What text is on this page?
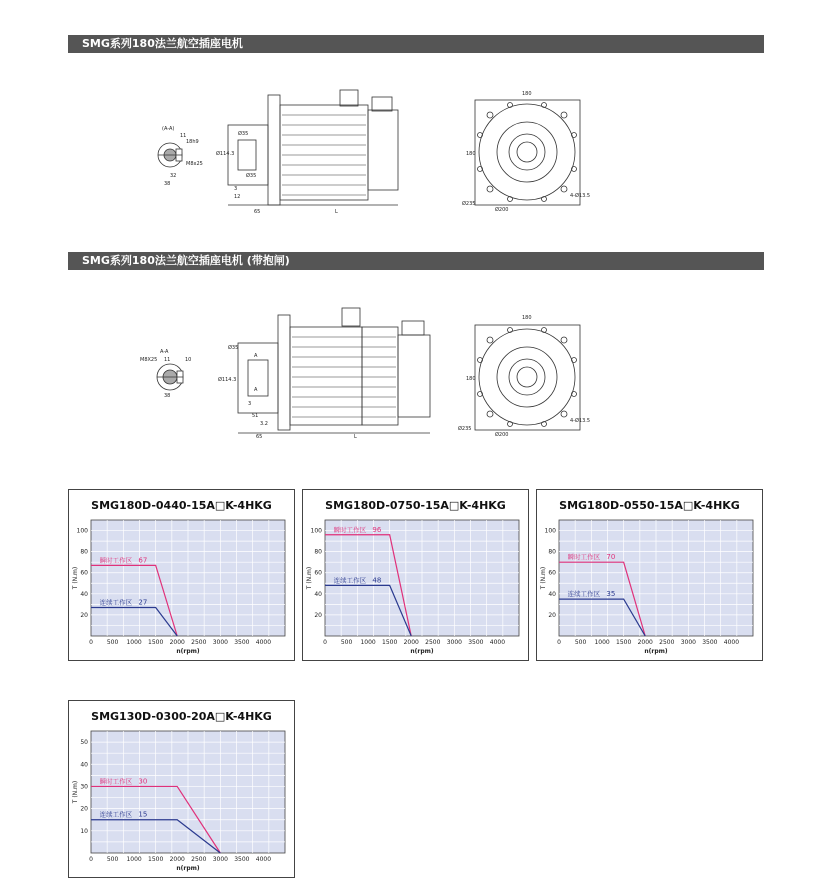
SMG系列180法兰航空插座电机
SMG系列180法兰航空插座电机 (带抱闸)
(A-A)
18h9
M8x25
11
32
38
Ø35
Ø114.3
Ø35
3
12
65	L
180
180
Ø200
4-Ø13.5
Ø235
A-A
M8X25 11	10
38
Ø35
Ø114.3
A
A
3
51
3.2
65	L
180
180
Ø200
4-Ø13.5
Ø235
SMG180D-0440-15A□K-4HKG
20
40
60
80
100
0 500 1000 1500 2000 2500 3000 3500 4000
n(rpm)
T (N.m)
瞬时工作区 67
连续工作区 27
SMG180D-0750-15A□K-4HKG
20
40
60
80
100
0 500 1000 1500 2000 2500 3000 3500 4000
n(rpm)
T (N.m)
瞬时工作区 96
连续工作区 48
SMG180D-0550-15A□K-4HKG
20
40
60
80
100
0 500 1000 1500 2000 2500 3000 3500 4000
n(rpm)
T (N.m)
瞬时工作区 70
连续工作区 35
SMG130D-0300-20A□K-4HKG
10
20
30
40
50
0 500 1000 1500 2000 2500 3000 3500 4000
n(rpm)
T (N.m)	瞬时工作区 30
连续工作区 15
